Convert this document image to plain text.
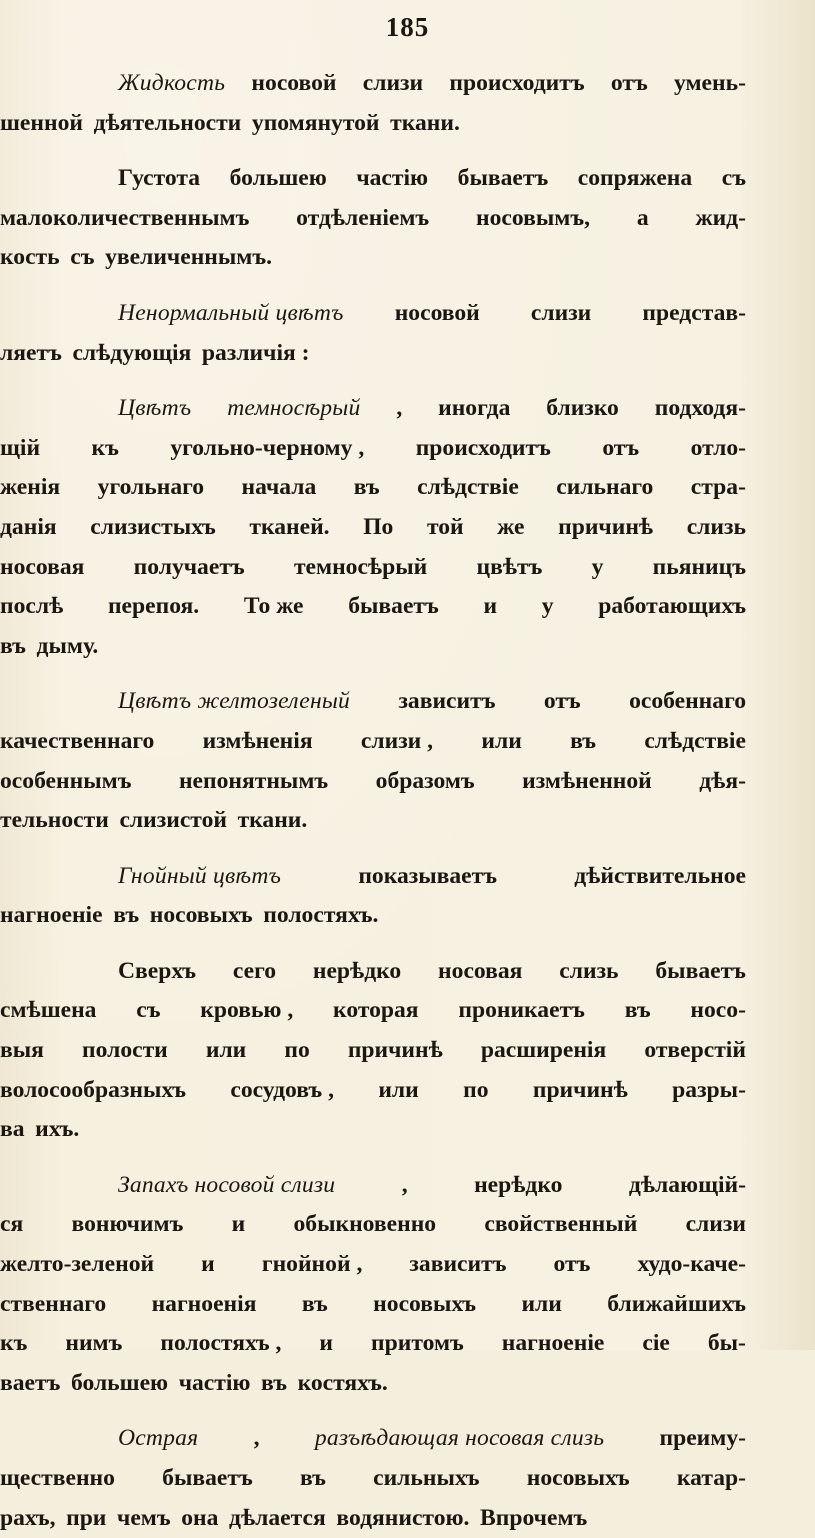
185
Жидкость носовой слизи происходитъ отъ умень-
шенной дѣятельности упомянутой ткани.
Густота большею частію бываетъ сопряжена съ
малоколичественнымъ отдѣленіемъ носовымъ, а жид-
кость съ увеличеннымъ.
Ненормальный цвѣтъ носовой слизи представ-
ляетъ слѣдующія различія :
Цвѣтъ темносѣрый , иногда близко подходя-
щій къ угольно-черному , происходитъ отъ отло-
женія угольнаго начала въ слѣдствіе сильнаго стра-
данія слизистыхъ тканей. По той же причинѣ слизь
носовая получаетъ темносѣрый цвѣтъ у пьяницъ
послѣ перепоя. То же бываетъ и у работающихъ
въ дыму.
Цвѣтъ желтозеленый зависитъ отъ особеннаго
качественнаго измѣненія слизи , или въ слѣдствіе
особеннымъ непонятнымъ образомъ измѣненной дѣя-
тельности слизистой ткани.
Гнойный цвѣтъ	показываетъ	дѣйствительное
нагноеніе въ носовыхъ полостяхъ.
Сверхъ сего нерѣдко носовая слизь бываетъ
смѣшена съ кровью , которая проникаетъ въ носо-
выя полости или по причинѣ расширенія отверстій
волосообразныхъ сосудовъ , или по причинѣ разры-
ва ихъ.
Запахъ носовой слизи	,	нерѣдко	дѣлающій-
ся вонючимъ и обыкновенно свойственный слизи
желто-зеленой и гнойной , зависитъ отъ худо-каче-
ственнаго нагноенія въ носовыхъ или ближайшихъ
къ нимъ полостяхъ , и притомъ нагноеніе сіе бы-
ваетъ большею частію въ костяхъ.
Острая , разъѣдающая носовая слизь преиму-
щественно бываетъ въ сильныхъ носовыхъ катар-
рахъ, при чемъ она дѣлается водянистою. Впрочемъ
